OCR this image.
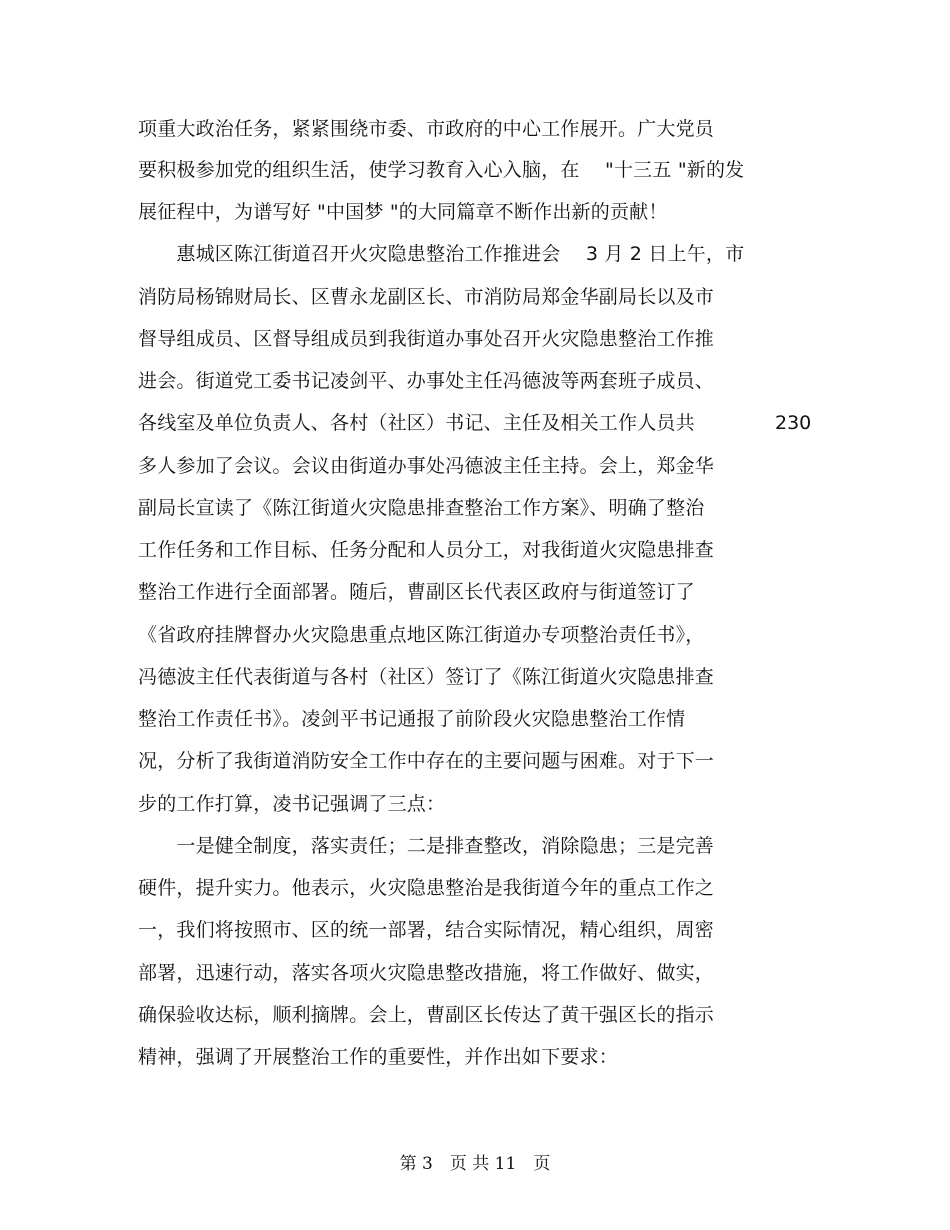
项重大政治任务，紧紧围绕市委、市政府的中心工作展开。广大党员
要积极参加党的组织生活，使学习教育入心入脑，在　 "十三五 "新的发
展征程中，为谱写好 "中国梦 "的大同篇章不断作出新的贡献！
　　惠城区陈江街道召开火灾隐患整治工作推进会　 3 月 2 日上午，市
消防局杨锦财局长、区曹永龙副区长、市消防局郑金华副局长以及市
督导组成员、区督导组成员到我街道办事处召开火灾隐患整治工作推
进会。街道党工委书记凌剑平、办事处主任冯德波等两套班子成员、
各线室及单位负责人、各村（社区）书记、主任及相关工作人员共	230
多人参加了会议。会议由街道办事处冯德波主任主持。会上，郑金华
副局长宣读了《陈江街道火灾隐患排查整治工作方案》、明确了整治
工作任务和工作目标、任务分配和人员分工，对我街道火灾隐患排查
整治工作进行全面部署。随后，曹副区长代表区政府与街道签订了
《省政府挂牌督办火灾隐患重点地区陈江街道办专项整治责任书》，
冯德波主任代表街道与各村（社区）签订了《陈江街道火灾隐患排查
整治工作责任书》。凌剑平书记通报了前阶段火灾隐患整治工作情
况，分析了我街道消防安全工作中存在的主要问题与困难。对于下一
步的工作打算，凌书记强调了三点：
　　一是健全制度，落实责任；二是排查整改，消除隐患；三是完善
硬件，提升实力。他表示，火灾隐患整治是我街道今年的重点工作之
一，我们将按照市、区的统一部署，结合实际情况，精心组织，周密
部署，迅速行动，落实各项火灾隐患整改措施，将工作做好、做实，
确保验收达标，顺利摘牌。会上，曹副区长传达了黄干强区长的指示
精神，强调了开展整治工作的重要性，并作出如下要求：
第 3　页 共 11　页
